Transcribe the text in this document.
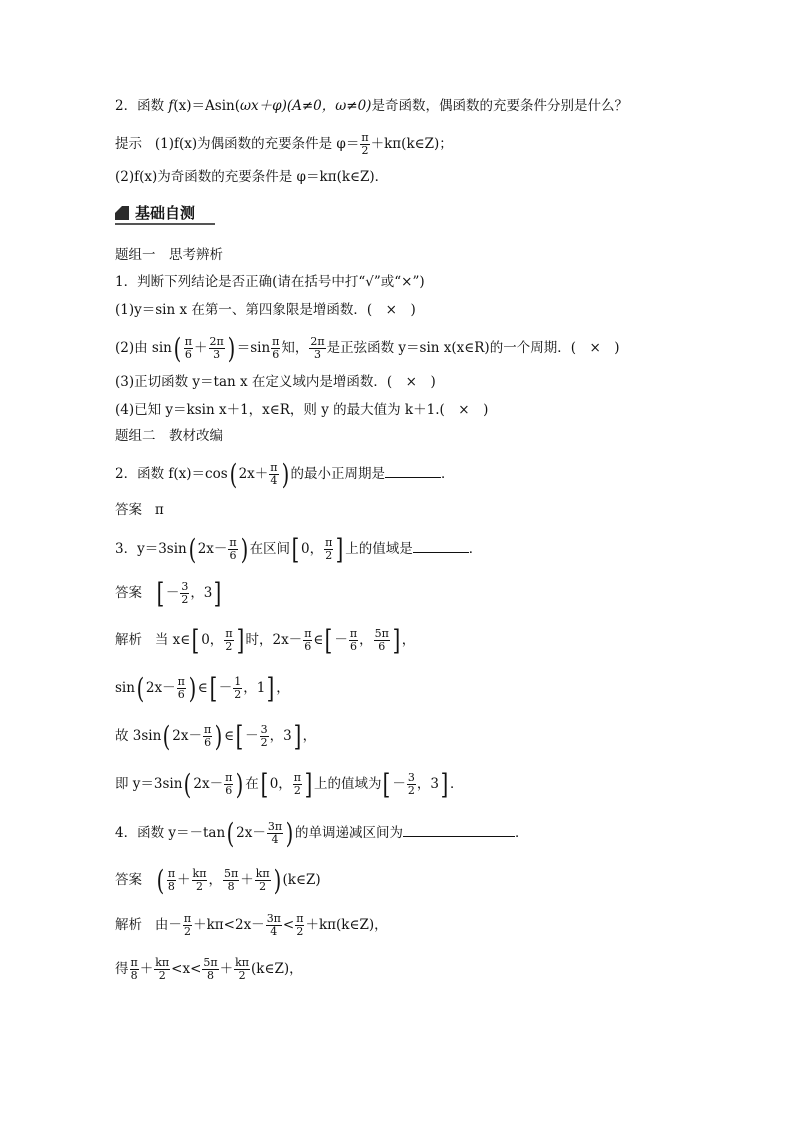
2．函数 f(x)＝Asin(ωx＋φ)(A≠0，ω≠0)是奇函数，偶函数的充要条件分别是什么？
提示 (1)f(x)为偶函数的充要条件是 $\varphi= \frac{\pi}{2}$ ＋kπ(k∈Z)；
(2)f(x)为奇函数的充要条件是 φ＝kπ(k∈Z)．
基础自测
题组一　思考辨析
1．判断下列结论是否正确(请在括号中打“√”或“×”)
(1)y＝sin x 在第一、第四象限是增函数．(　×　)
(2)由 $\sin( \frac{\pi}{6} + \frac{2\pi}{3}$ ) $=\sin \frac{\pi}{6}$ 知， $\frac{2\pi}{3}$ 是正弦函数 y＝sin x(x∈R)的一个周期．(　×　)
(3)正切函数 y＝tan x 在定义域内是增函数．(　×　)
(4)已知 y＝ksin x＋1，x∈R，则 y 的最大值为 k＋1.(　×　)
题组二　教材改编
2．函数 f(x)＝cos( $2x+ \frac{\pi}{4}$ ) 的最小正周期是	．
答案 π
3．y＝3sin( $2x- \frac{\pi}{6}$ ) 在区间[ 0， $\frac{\pi}{2}$ ] 上的值域是	．
答案 [ － $\frac{3}{2}$ ，3]
解析 当 x∈[ 0， $\frac{\pi}{2}$ ] 时，$2x- \frac{\pi}{6}$ ∈[ － $\frac{\pi}{6}$ ， $\frac{5\pi}{6}$ ] ，
sin( $2x- \frac{\pi}{6}$ ) ∈[ － $\frac{1}{2}$ ，1] ，
故 3sin( $2x- \frac{\pi}{6}$ ) ∈[ － $\frac{3}{2}$ ，3] ，
即 y＝3sin( $2x- \frac{\pi}{6}$ ) 在[ 0， $\frac{\pi}{2}$ ] 上的值域为[ － $\frac{3}{2}$ ，3] ．
4．函数 y＝－tan( $2x- \frac{3\pi}{4}$ ) 的单调递减区间为	．
答案 ( $\frac{\pi}{8} + \frac{k\pi}{2}$ ， $\frac{5\pi}{8} + \frac{k\pi}{2}$ ) (k∈Z)
解析 由－ $\frac{\pi}{2} +k\pi<2x- \frac{3\pi}{4} < \frac{\pi}{2}$ ＋kπ(k∈Z)，
得 $\frac{\pi}{8} + \frac{k\pi}{2} <x< \frac{5\pi}{8} + \frac{k\pi}{2}$ (k∈Z)，
